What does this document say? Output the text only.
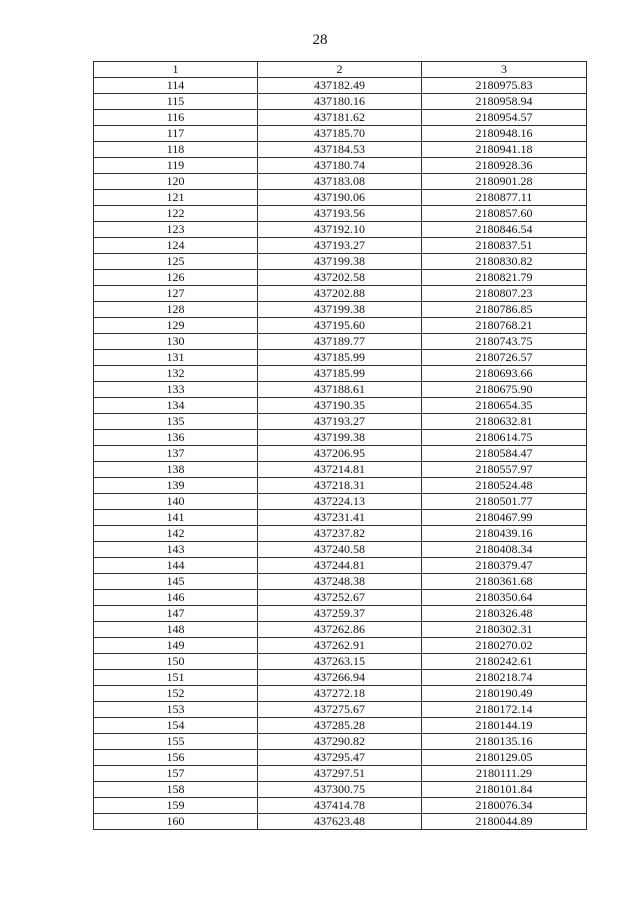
28
1	2	3
114	437182.49	2180975.83
115	437180.16	2180958.94
116	437181.62	2180954.57
117	437185.70	2180948.16
118	437184.53	2180941.18
119	437180.74	2180928.36
120	437183.08	2180901.28
121	437190.06	2180877.11
122	437193.56	2180857.60
123	437192.10	2180846.54
124	437193.27	2180837.51
125	437199.38	2180830.82
126	437202.58	2180821.79
127	437202.88	2180807.23
128	437199.38	2180786.85
129	437195.60	2180768.21
130	437189.77	2180743.75
131	437185.99	2180726.57
132	437185.99	2180693.66
133	437188.61	2180675.90
134	437190.35	2180654.35
135	437193.27	2180632.81
136	437199.38	2180614.75
137	437206.95	2180584.47
138	437214.81	2180557.97
139	437218.31	2180524.48
140	437224.13	2180501.77
141	437231.41	2180467.99
142	437237.82	2180439.16
143	437240.58	2180408.34
144	437244.81	2180379.47
145	437248.38	2180361.68
146	437252.67	2180350.64
147	437259.37	2180326.48
148	437262.86	2180302.31
149	437262.91	2180270.02
150	437263.15	2180242.61
151	437266.94	2180218.74
152	437272.18	2180190.49
153	437275.67	2180172.14
154	437285.28	2180144.19
155	437290.82	2180135.16
156	437295.47	2180129.05
157	437297.51	2180111.29
158	437300.75	2180101.84
159	437414.78	2180076.34
160	437623.48	2180044.89
